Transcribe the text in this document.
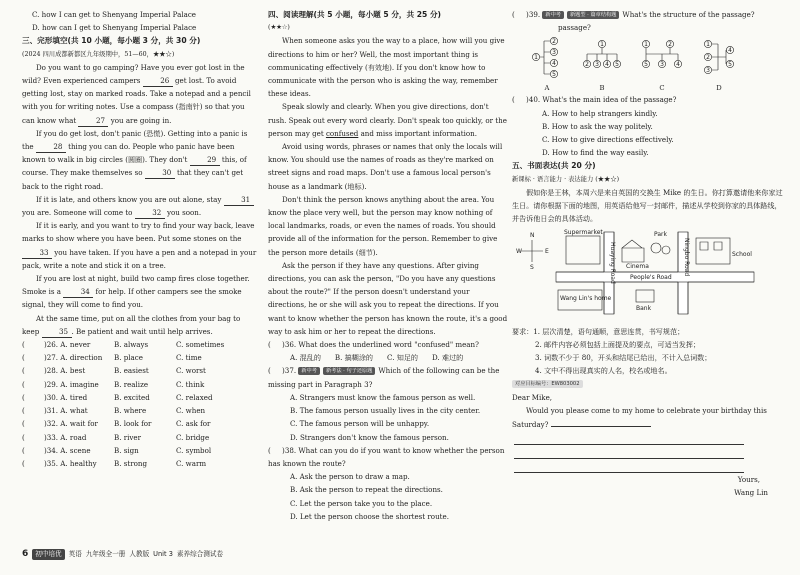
C. how I can get to Shenyang Imperial Palace

D. how can I get to Shenyang Imperial Palace

三、完形填空(共 10 小题，每小题 3 分，共 30 分)

(2024 四川成都新都区九年级期中，51—60，★★☆)

Do you want to go camping? Have you ever got lost in the wild? Even experienced campers 26 get lost. To avoid getting lost, stay on marked roads. Take a notepad and a pencil with you for writing notes. Use a compass (指南针) so that you can know what 27 you are going in.

If you do get lost, don't panic (恐慌). Getting into a panic is the 28 thing you can do. People who panic have been known to walk in big circles (圆圈). They don't 29 this, of course. They make themselves so 30 that they can't get back to the right road.

If it is late, and others know you are out alone, stay 31 you are. Someone will come to 32 you soon.

If it is early, and you want to try to find your way back, leave marks to show where you have been. Put some stones on the 33 you have taken. If you have a pen and a notepad in your pack, write a note and stick it on a tree.

If you are lost at night, build two camp fires close together. Smoke is a 34 for help. If other campers see the smoke signal, they will come to find you.

At the same time, put on all the clothes from your bag to keep 35 . Be patient and wait until help arrives.

(	)26. A. never	B. always	C. sometimes
(	)27. A. direction	B. place	C. time
(	)28. A. best	B. easiest	C. worst
(	)29. A. imagine	B. realize	C. think
(	)30. A. tired	B. excited	C. relaxed
(	)31. A. what	B. where	C. when
(	)32. A. wait for	B. look for	C. ask for
(	)33. A. road	B. river	C. bridge
(	)34. A. scene	B. sign	C. symbol
(	)35. A. healthy	B. strong	C. warm

四、阅读理解(共 5 小题，每小题 5 分，共 25 分)

(★★☆)

When someone asks you the way to a place, how will you give directions to him or her? Well, the most important thing is communicating effectively (有效地). If you don't know how to communicate with the person who is asking the way, remember these ideas.

Speak slowly and clearly. When you give directions, don't rush. Speak out every word clearly. Don't speak too quickly, or the person may get confused and miss important information.

Avoid using words, phrases or names that only the locals will know. You should use the names of roads as they're marked on street signs and road maps. Don't use a famous local person's house as a landmark (地标).

Don't think the person knows anything about the area. You know the place very well, but the person may know nothing of local landmarks, roads, or even the names of roads. You should provide all of the information for the person. Remember to give the person more details (细节).

Ask the person if they have any questions. After giving directions, you can ask the person, "Do you have any questions about the route?" If the person doesn't understand your directions, he or she will ask you to repeat the directions. If you want to know whether the person has known the route, it's a good way to ask him or her to repeat the directions.

(     )36. What does the underlined word "confused" mean?

A. 混乱的 B. 搞糊涂的 C. 知足的 D. 难过的

(     )37. 新中考 新考法 · 句子还原题 Which of the following can be the missing part in Paragraph 3?

A. Strangers must know the famous person as well.

B. The famous person usually lives in the city center.

C. The famous person will be unhappy.

D. Strangers don't know the famous person.

(     )38. What can you do if you want to know whether the person has known the route?

A. Ask the person to draw a map.

B. Ask the person to repeat the directions.

C. Let the person take you to the place.

D. Let the person choose the shortest route.

(     )39. 新中考 新题型 · 篇章结构题 What's the structure of the passage?

passage?

2
3
4
5
1
A
1
2 3 4 5
B
1	2
3 4
5
C
1
2
3
4
5
D

(     )40. What's the main idea of the passage?

A. How to help strangers kindly.

B. How to ask the way politely.

C. How to give directions effectively.

D. How to find the way easily.

五、书面表达(共 20 分)

新课标 · 语言能力 · 表达能力 (★★☆)

假如你是王林，本周六是来自英国的交换生 Mike 的生日。你打算邀请他来你家过生日。请你根据下面的地图，用英语给他写一封邮件，描述从学校到你家的具体路线，并告诉他日会的具体活动。

N
S
W	E
Supermarket
Cinema
Park
School
People's Road
Huaying Road	Ningbo Road
Wang Lin's home
Bank

要求：1. 层次清楚，语句通顺，意思连贯，书写规范；

2. 邮件内容必须包括上面提及的要点，可适当发挥；

3. 词数不少于 80，开头和结尾已给出，不计入总词数；

4. 文中不得出现真实的人名，校名或地名。

对应目标编号：EW803002

Dear Mike,

Would you please come to my home to celebrate your birthday this Saturday?

Yours,

Wang Lin

6	初中培优	英语 九年级全一册 人教版 Unit 3 素养综合测试卷
